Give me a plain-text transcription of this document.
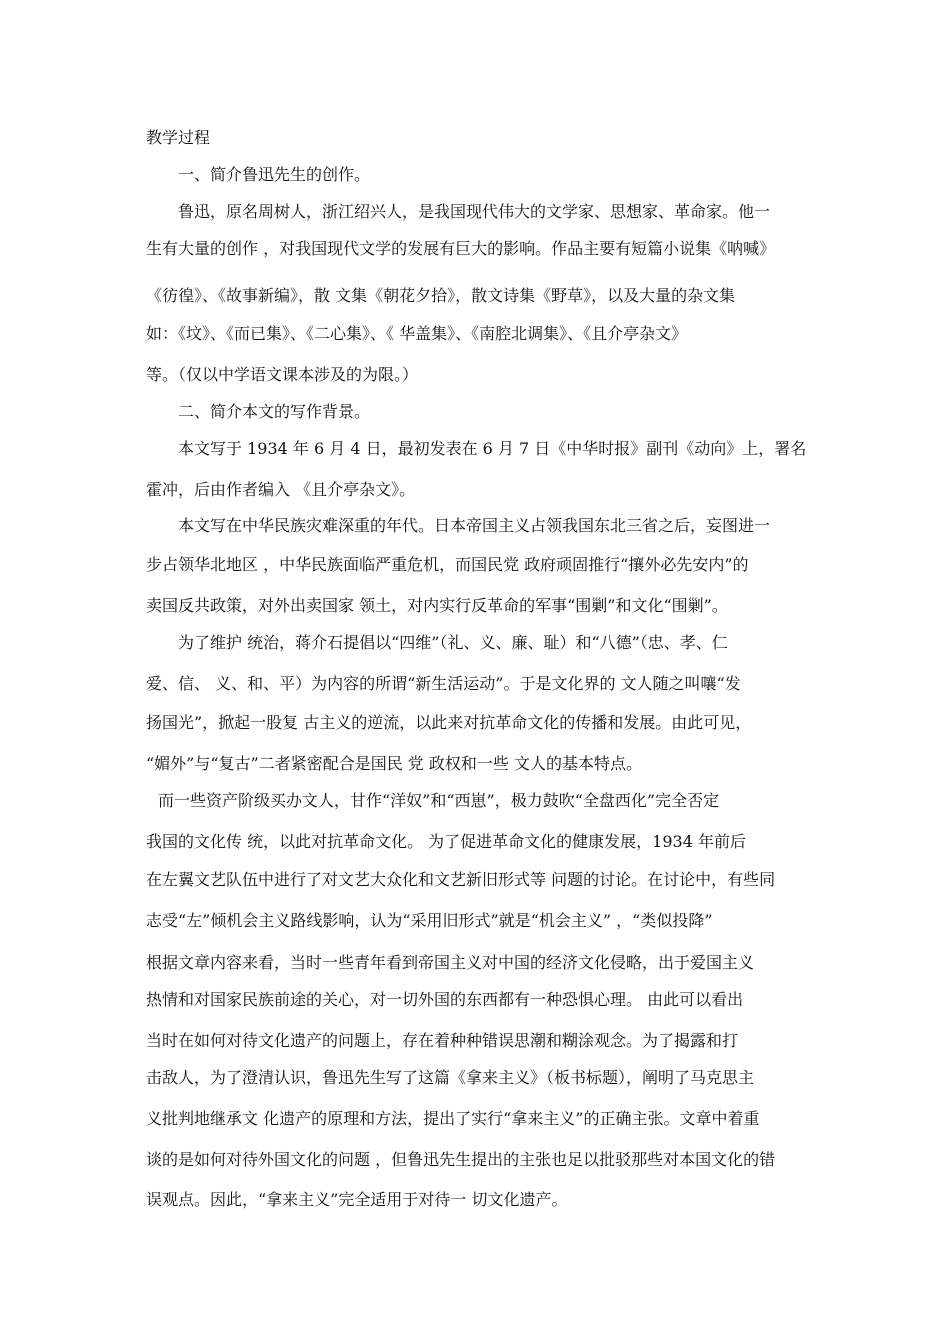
教学过程
一、简介鲁迅先生的创作。
鲁迅，原名周树人，浙江绍兴人，是我国现代伟大的文学家、思想家、革命家。他一
生有大量的创作 ，对我国现代文学的发展有巨大的影响。作品主要有短篇小说集《呐喊》
《彷徨》、《故事新编》，散 文集《朝花夕拾》，散文诗集《野草》，以及大量的杂文集
如：《坟》、《而已集》、《二心集》、《 华盖集》、《南腔北调集》、《且介亭杂文》
等。（仅以中学语文课本涉及的为限。）
二、简介本文的写作背景。
本文写于 1934 年 6 月 4 日，最初发表在 6 月 7 日《中华时报》副刊《动向》上，署名
霍冲，后由作者编入 《且介亭杂文》。
本文写在中华民族灾难深重的年代。日本帝国主义占领我国东北三省之后，妄图进一
步占领华北地区 ，中华民族面临严重危机，而国民党 政府顽固推行“攘外必先安内”的
卖国反共政策，对外出卖国家 领土，对内实行反革命的军事“围剿”和文化“围剿”。
为了维护 统治，蒋介石提倡以“四维”（礼、义、廉、耻）和“八德”（忠、孝、仁
爱、信、 义、和、平）为内容的所谓“新生活运动”。于是文化界的 文人随之叫嚷“发
扬国光”，掀起一股复 古主义的逆流，以此来对抗革命文化的传播和发展。由此可见，
“媚外”与“复古”二者紧密配合是国民 党 政权和一些 文人的基本特点。
而一些资产阶级买办文人，甘作“洋奴”和“西崽”，极力鼓吹“全盘西化”完全否定
我国的文化传 统，以此对抗革命文化。 为了促进革命文化的健康发展，1934 年前后
在左翼文艺队伍中进行了对文艺大众化和文艺新旧形式等 问题的讨论。在讨论中，有些同
志受“左”倾机会主义路线影响，认为“采用旧形式”就是“机会主义” ，“类似投降”
根据文章内容来看，当时一些青年看到帝国主义对中国的经济文化侵略，出于爱国主义
热情和对国家民族前途的关心，对一切外国的东西都有一种恐惧心理。 由此可以看出
当时在如何对待文化遗产的问题上，存在着种种错误思潮和糊涂观念。为了揭露和打
击敌人，为了澄清认识，鲁迅先生写了这篇《拿来主义》（板书标题），阐明了马克思主
义批判地继承文 化遗产的原理和方法，提出了实行“拿来主义”的正确主张。文章中着重
谈的是如何对待外国文化的问题 ，但鲁迅先生提出的主张也足以批驳那些对本国文化的错
误观点。因此，“拿来主义”完全适用于对待一 切文化遗产。
